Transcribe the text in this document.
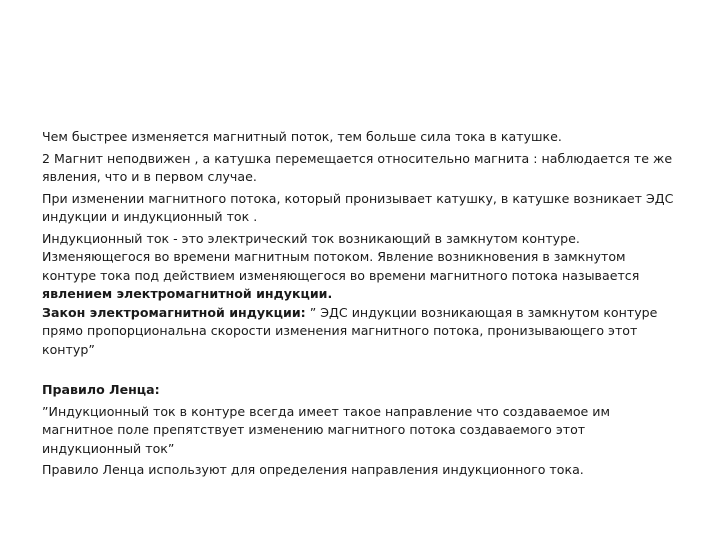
Чем быстрее изменяется магнитный поток, тем больше сила тока в катушке.

2 Магнит неподвижен , а катушка перемещается относительно магнита : наблюдается те же явления, что и в первом случае.

При изменении магнитного потока, который пронизывает катушку, в катушке возникает ЭДС индукции и индукционный ток .

Индукционный ток - это электрический ток возникающий в замкнутом контуре. Изменяющегося во времени магнитным потоком. Явление возникновения в замкнутом контуре тока под действием изменяющегося во времени магнитного потока называется явлением электромагнитной индукции.

Закон электромагнитной индукции: ” ЭДС индукции возникающая в замкнутом контуре прямо пропорциональна скорости изменения магнитного потока, пронизывающего этот контур”

Правило Ленца:

”Индукционный ток в контуре всегда имеет такое направление что создаваемое им магнитное поле препятствует изменению магнитного потока создаваемого этот индукционный ток”

Правило Ленца используют для определения направления индукционного тока.
